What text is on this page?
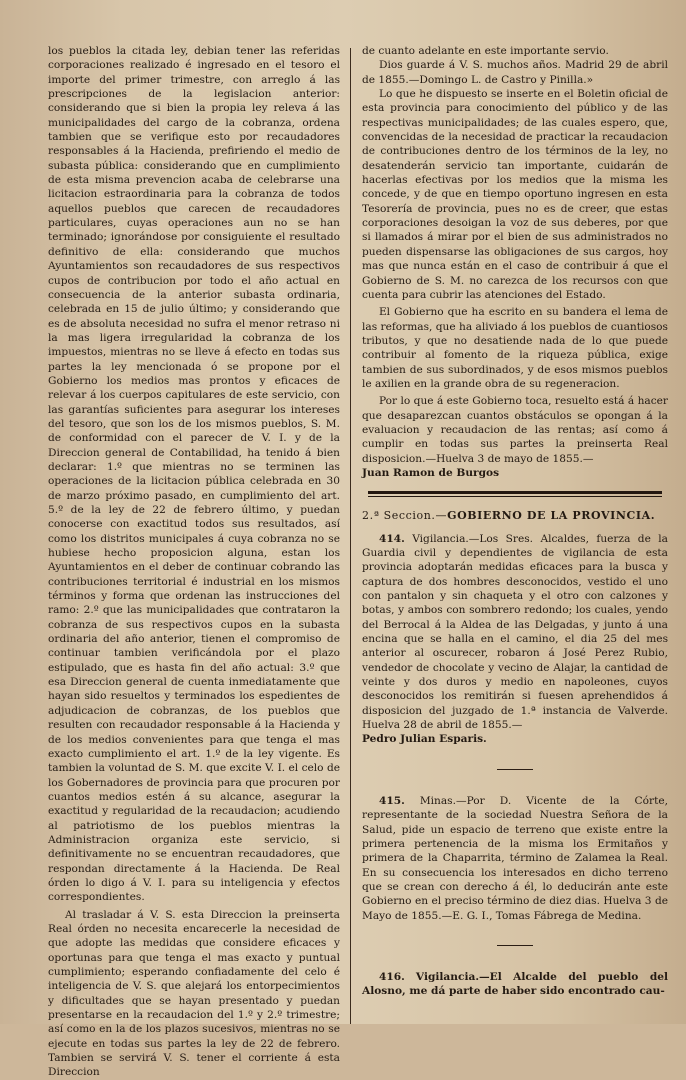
los pueblos la citada ley, debian tener las referidas corporaciones realizado é ingresado en el tesoro el importe del primer trimestre, con arreglo á las prescripciones de la legislacion anterior: considerando que si bien la propia ley releva á las municipalidades del cargo de la cobranza, ordena tambien que se verifique esto por recaudadores responsables á la Hacienda, prefiriendo el medio de subasta pública: considerando que en cumplimiento de esta misma prevencion acaba de celebrarse una licitacion estraordinaria para la cobranza de todos aquellos pueblos que carecen de recaudadores particulares, cuyas operaciones aun no se han terminado; ignorándose por consiguiente el resultado definitivo de ella: considerando que muchos Ayuntamientos son recaudadores de sus respectivos cupos de contribucion por todo el año actual en consecuencia de la anterior subasta ordinaria, celebrada en 15 de julio último; y considerando que es de absoluta necesidad no sufra el menor retraso ni la mas ligera irregularidad la cobranza de los impuestos, mientras no se lleve á efecto en todas sus partes la ley mencionada ó se propone por el Gobierno los medios mas prontos y eficaces de relevar á los cuerpos capitulares de este servicio, con las garantías suficientes para asegurar los intereses del tesoro, que son los de los mismos pueblos, S. M. de conformidad con el parecer de V. I. y de la Direccion general de Contabilidad, ha tenido á bien declarar: 1.º que mientras no se terminen las operaciones de la licitacion pública celebrada en 30 de marzo próximo pasado, en cumplimiento del art. 5.º de la ley de 22 de febrero último, y puedan conocerse con exactitud todos sus resultados, así como los distritos municipales á cuya cobranza no se hubiese hecho proposicion alguna, estan los Ayuntamientos en el deber de continuar cobrando las contribuciones territorial é industrial en los mismos términos y forma que ordenan las instrucciones del ramo: 2.º que las municipalidades que contrataron la cobranza de sus respectivos cupos en la subasta ordinaria del año anterior, tienen el compromiso de continuar tambien verificándola por el plazo estipulado, que es hasta fin del año actual: 3.º que esa Direccion general de cuenta inmediatamente que hayan sido resueltos y terminados los espedientes de adjudicacion de cobranzas, de los pueblos que resulten con recaudador responsable á la Hacienda y de los medios convenientes para que tenga el mas exacto cumplimiento el art. 1.º de la ley vigente. Es tambien la voluntad de S. M. que excite V. I. el celo de los Gobernadores de provincia para que procuren por cuantos medios estén á su alcance, asegurar la exactitud y regularidad de la recaudacion; acudiendo al patriotismo de los pueblos mientras la Administracion organiza este servicio, si definitivamente no se encuentran recaudadores, que respondan directamente á la Hacienda. De Real órden lo digo á V. I. para su inteligencia y efectos correspondientes.

Al trasladar á V. S. esta Direccion la preinserta Real órden no necesita encarecerle la necesidad de que adopte las medidas que considere eficaces y oportunas para que tenga el mas exacto y puntual cumplimiento; esperando confiadamente del celo é inteligencia de V. S. que alejará los entorpecimientos y dificultades que se hayan presentado y puedan presentarse en la recaudacion del 1.º y 2.º trimestre; así como en la de los plazos sucesivos, mientras no se ejecute en todas sus partes la ley de 22 de febrero. Tambien se servirá V. S. tener el corriente á esta Direccion

de cuanto adelante en este importante servio.

Dios guarde á V. S. muchos años. Madrid 29 de abril de 1855.—Domingo L. de Castro y Pinilla.»

Lo que he dispuesto se inserte en el Boletin oficial de esta provincia para conocimiento del público y de las respectivas municipalidades; de las cuales espero, que, convencidas de la necesidad de practicar la recaudacion de contribuciones dentro de los términos de la ley, no desatenderán servicio tan importante, cuidarán de hacerlas efectivas por los medios que la misma les concede, y de que en tiempo oportuno ingresen en esta Tesorería de provincia, pues no es de creer, que estas corporaciones desoigan la voz de sus deberes, por que si llamados á mirar por el bien de sus administrados no pueden dispensarse las obligaciones de sus cargos, hoy mas que nunca están en el caso de contribuir á que el Gobierno de S. M. no carezca de los recursos con que cuenta para cubrir las atenciones del Estado.

El Gobierno que ha escrito en su bandera el lema de las reformas, que ha aliviado á los pueblos de cuantiosos tributos, y que no desatiende nada de lo que puede contribuir al fomento de la riqueza pública, exige tambien de sus subordinados, y de esos mismos pueblos le axilien en la grande obra de su regeneracion.

Por lo que á este Gobierno toca, resuelto está á hacer que desaparezcan cuantos obstáculos se opongan á la evaluacion y recaudacion de las rentas; así como á cumplir en todas sus partes la preinserta Real disposicion.—Huelva 3 de mayo de 1855.—

Juan Ramon de Burgos

2.ª Seccion.—GOBIERNO DE LA PROVINCIA.

414. Vigilancia.—Los Sres. Alcaldes, fuerza de la Guardia civil y dependientes de vigilancia de esta provincia adoptarán medidas eficaces para la busca y captura de dos hombres desconocidos, vestido el uno con pantalon y sin chaqueta y el otro con calzones y botas, y ambos con sombrero redondo; los cuales, yendo del Berrocal á la Aldea de las Delgadas, y junto á una encina que se halla en el camino, el dia 25 del mes anterior al oscurecer, robaron á José Perez Rubio, vendedor de chocolate y vecino de Alajar, la cantidad de veinte y dos duros y medio en napoleones, cuyos desconocidos los remitirán si fuesen aprehendidos á disposicion del juzgado de 1.ª instancia de Valverde. Huelva 28 de abril de 1855.—

Pedro Julian Esparis.

415. Minas.—Por D. Vicente de la Córte, representante de la sociedad Nuestra Señora de la Salud, pide un espacio de terreno que existe entre la primera pertenencia de la misma los Ermitaños y primera de la Chaparrita, término de Zalamea la Real. En su consecuencia los interesados en dicho terreno que se crean con derecho á él, lo deducirán ante este Gobierno en el preciso término de diez dias. Huelva 3 de Mayo de 1855.—E. G. I., Tomas Fábrega de Medina.

416. Vigilancia.—El Alcalde del pueblo del Alosno, me dá parte de haber sido encontrado cau-
